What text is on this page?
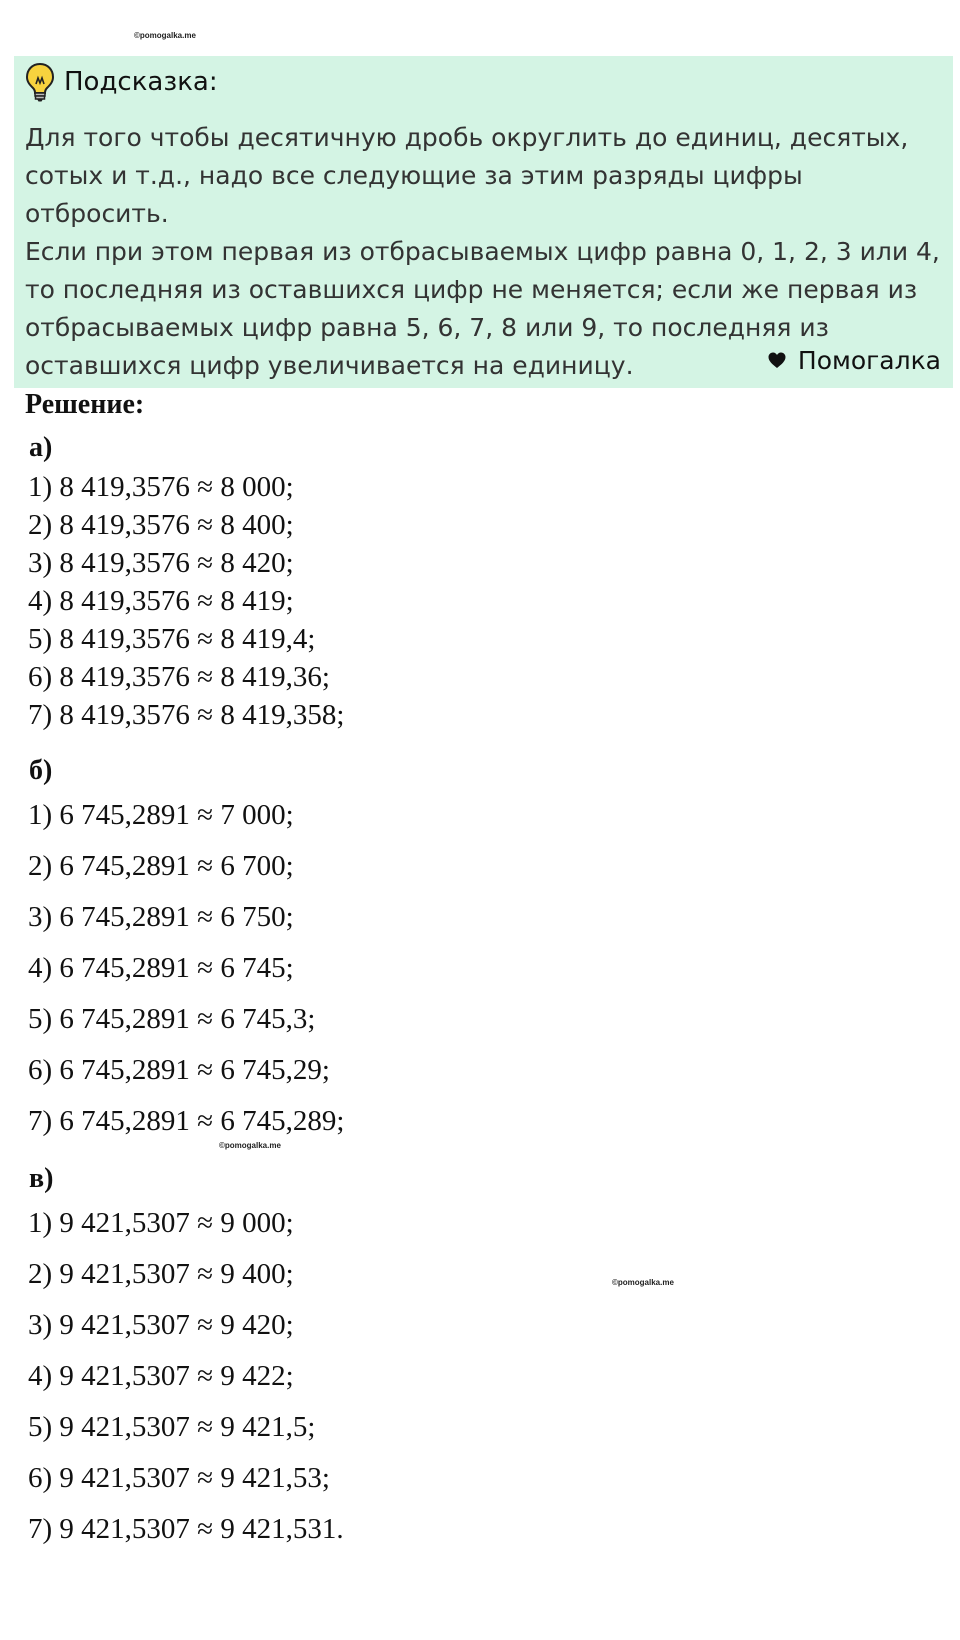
©pomogalka.me
Подсказка:
Для того чтобы десятичную дробь округлить до единиц, десятых,
сотых и т.д., надо все следующие за этим разряды цифры отбросить.
Если при этом первая из отбрасываемых цифр равна 0, 1, 2, 3 или 4,
то последняя из оставшихся цифр не меняется; если же первая из
отбрасываемых цифр равна 5, 6, 7, 8 или 9, то последняя из
оставшихся цифр увеличивается на единицу.	Помогалка
Решение:
а)
1) 8 419,3576 ≈ 8 000;
2) 8 419,3576 ≈ 8 400;
3) 8 419,3576 ≈ 8 420;
4) 8 419,3576 ≈ 8 419;
5) 8 419,3576 ≈ 8 419,4;
6) 8 419,3576 ≈ 8 419,36;
7) 8 419,3576 ≈ 8 419,358;
б)
1) 6 745,2891 ≈ 7 000;
2) 6 745,2891 ≈ 6 700;
3) 6 745,2891 ≈ 6 750;
4) 6 745,2891 ≈ 6 745;
5) 6 745,2891 ≈ 6 745,3;
6) 6 745,2891 ≈ 6 745,29;
7) 6 745,2891 ≈ 6 745,289;
©pomogalka.me
в)
1) 9 421,5307 ≈ 9 000;
2) 9 421,5307 ≈ 9 400;
3) 9 421,5307 ≈ 9 420;
4) 9 421,5307 ≈ 9 422;
5) 9 421,5307 ≈ 9 421,5;
6) 9 421,5307 ≈ 9 421,53;
7) 9 421,5307 ≈ 9 421,531.
©pomogalka.me
